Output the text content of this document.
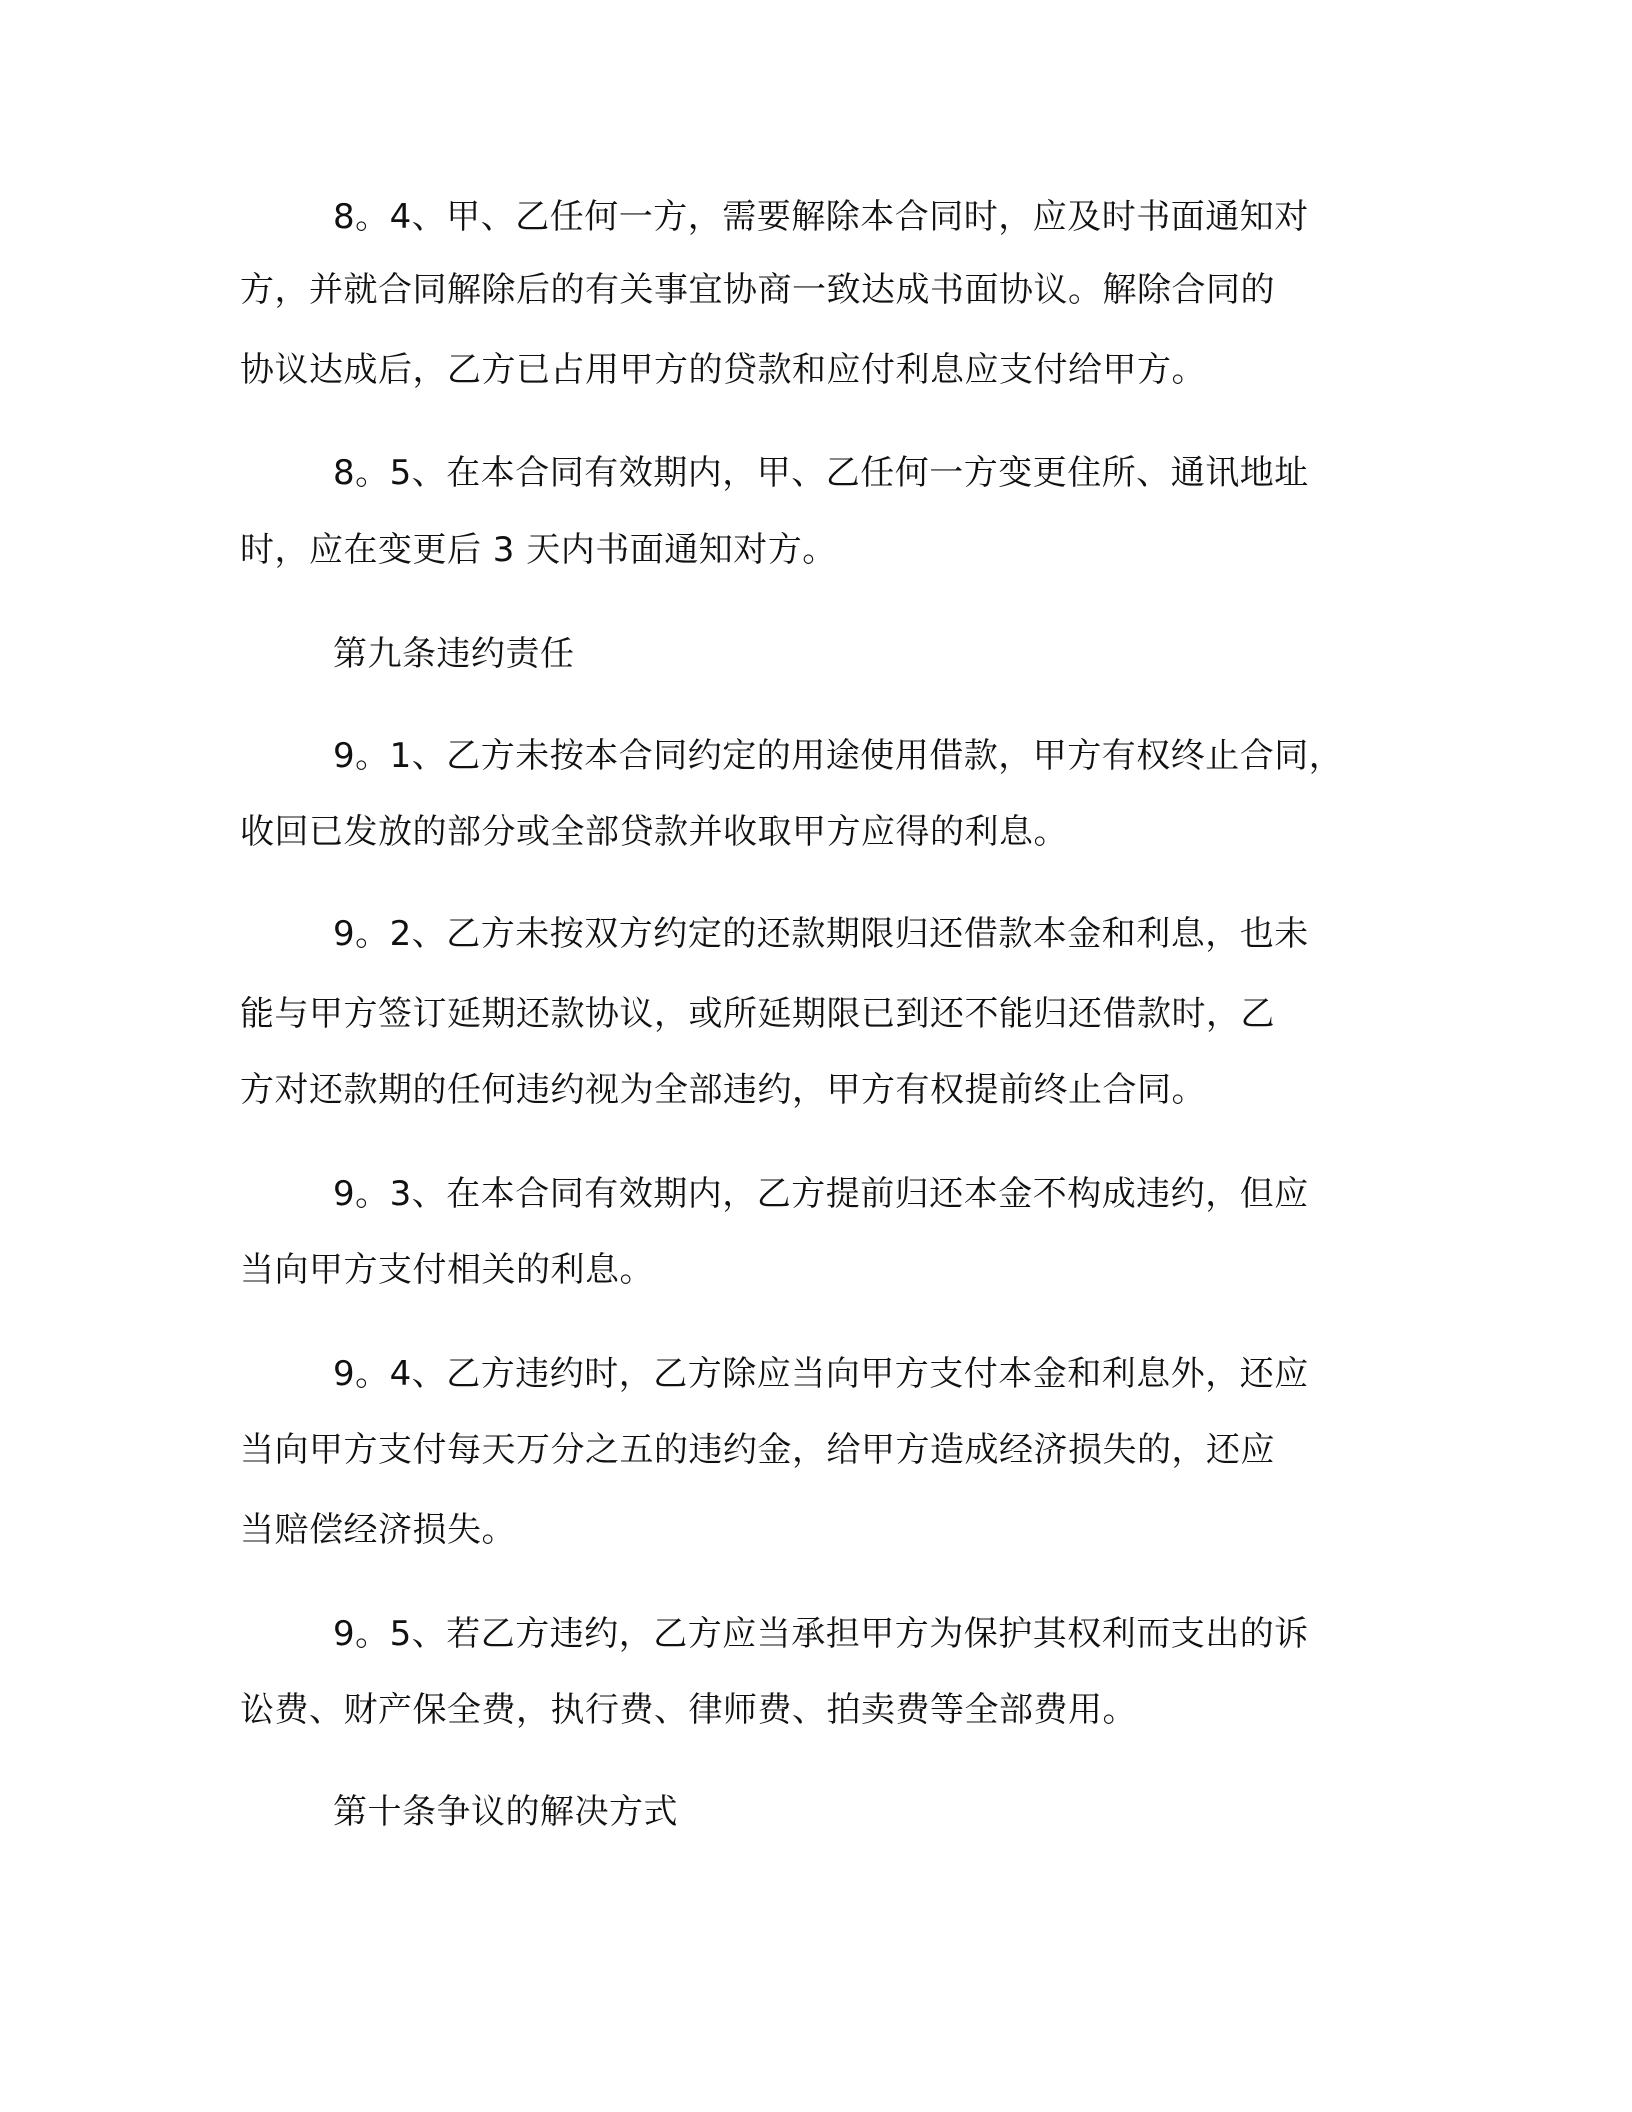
8。4、甲、乙任何一方，需要解除本合同时，应及时书面通知对
方，并就合同解除后的有关事宜协商一致达成书面协议。解除合同的
协议达成后，乙方已占用甲方的贷款和应付利息应支付给甲方。
8。5、在本合同有效期内，甲、乙任何一方变更住所、通讯地址
时，应在变更后 3 天内书面通知对方。
第九条违约责任
9。1、乙方未按本合同约定的用途使用借款，甲方有权终止合同，
收回已发放的部分或全部贷款并收取甲方应得的利息。
9。2、乙方未按双方约定的还款期限归还借款本金和利息，也未
能与甲方签订延期还款协议，或所延期限已到还不能归还借款时，乙
方对还款期的任何违约视为全部违约，甲方有权提前终止合同。
9。3、在本合同有效期内，乙方提前归还本金不构成违约，但应
当向甲方支付相关的利息。
9。4、乙方违约时，乙方除应当向甲方支付本金和利息外，还应
当向甲方支付每天万分之五的违约金，给甲方造成经济损失的，还应
当赔偿经济损失。
9。5、若乙方违约，乙方应当承担甲方为保护其权利而支出的诉
讼费、财产保全费，执行费、律师费、拍卖费等全部费用。
第十条争议的解决方式
